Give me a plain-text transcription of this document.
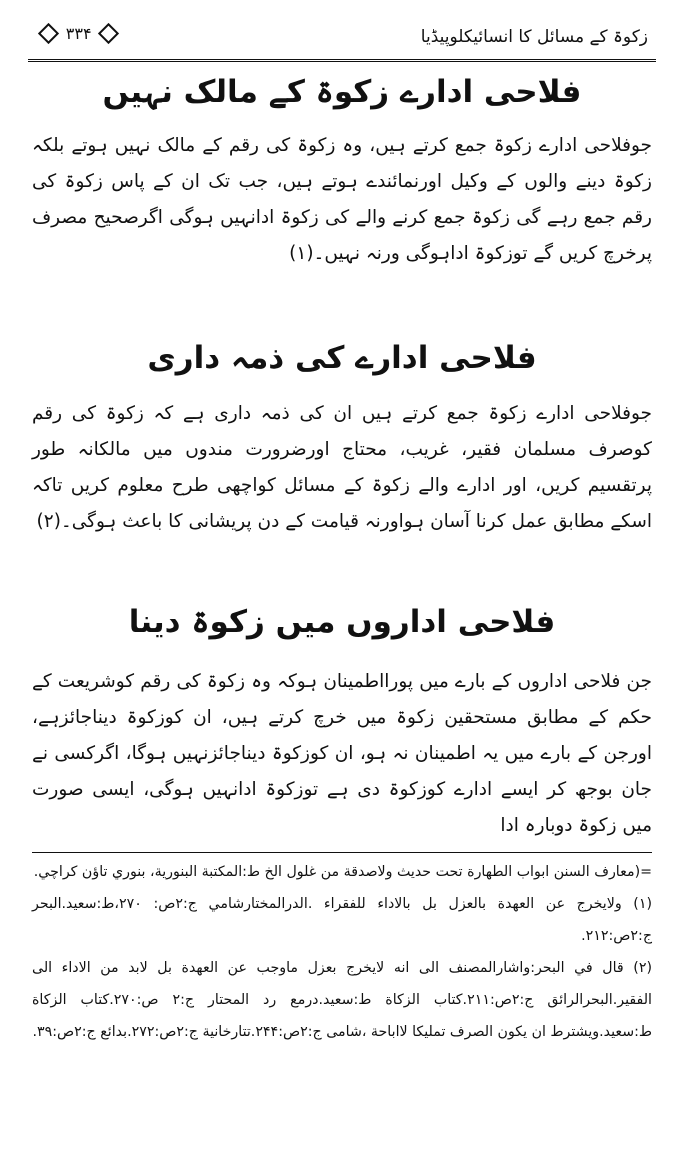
زکوۃ کے مسائل کا انسائیکلوپیڈیا
۳۳۴
فلاحی ادارے زکوۃ کے مالک نہیں
جوفلاحی ادارے زکوۃ جمع کرتے ہیں، وہ زکوۃ کی رقم کے مالک نہیں ہوتے بلکہ زکوۃ دینے والوں کے وکیل اورنمائندے ہوتے ہیں، جب تک ان کے پاس زکوۃ کی رقم جمع رہے گی زکوۃ جمع کرنے والے کی زکوۃ ادانہیں ہوگی اگرصحیح مصرف پرخرچ کریں گے توزکوۃ اداہوگی ورنہ نہیں۔(۱)
فلاحی ادارے کی ذمہ داری
جوفلاحی ادارے زکوۃ جمع کرتے ہیں ان کی ذمہ داری ہے کہ زکوۃ کی رقم کوصرف مسلمان فقیر، غریب، محتاج اورضرورت مندوں میں مالکانہ طور پرتقسیم کریں، اور ادارے والے زکوۃ کے مسائل کواچھی طرح معلوم کریں تاکہ اسکے مطابق عمل کرنا آسان ہواورنہ قیامت کے دن پریشانی کا باعث ہوگی۔(۲)
فلاحی اداروں میں زکوۃ دینا
جن فلاحی اداروں کے بارے میں پورااطمینان ہوکہ وہ زکوۃ کی رقم کوشریعت کے حکم کے مطابق مستحقین زکوۃ میں خرچ کرتے ہیں، ان کوزکوۃ دیناجائزہے، اورجن کے بارے میں یہ اطمینان نہ ہو، ان کوزکوۃ دیناجائزنہیں ہوگا، اگرکسی نے جان بوجھ کر ایسے ادارے کوزکوۃ دی ہے توزکوۃ ادانہیں ہوگی، ایسی صورت میں زکوۃ دوبارہ ادا

=(معارف السنن ابواب الطهارة تحت حديث ولاصدقة من غلول الخ ط:المكتبة البنورية، بنوري تاؤن كراچي.

(۱) ولايخرج عن العهدة بالعزل بل بالاداء للفقراء .الدرالمختارشامي ج:۲ص: ۲۷۰،ط:سعيد.البحر ج:۲ص:۲۱۲.

(۲) قال في البحر:واشارالمصنف الى انه لايخرج بعزل ماوجب عن العهدة بل لابد من الاداء الى الفقير.البحرالرائق ج:۲ص:۲۱۱.كتاب الزكاة ط:سعيد.درمع رد المحتار ج:۲ ص:۲۷۰.كتاب الزكاة ط:سعيد.ويشترط ان يكون الصرف تمليكا لااباحة ،شامى ج:۲ص:۲۴۴.تتارخانية ج:۲ص:۲۷۲.بدائع ج:۲ص:۳۹.
